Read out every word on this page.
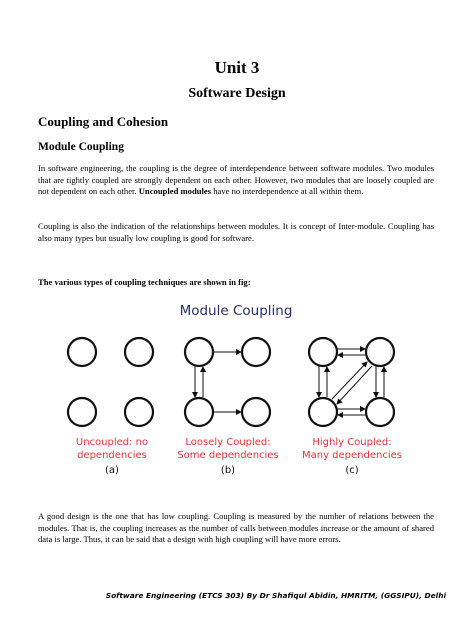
Unit 3
Software Design
Coupling and Cohesion
Module Coupling
In software engineering, the coupling is the degree of interdependence between software modules. Two modules that are tightly coupled are strongly dependent on each other. However, two modules that are loosely coupled are not dependent on each other. Uncoupled modules have no interdependence at all within them.
Coupling is also the indication of the relationships between modules. It is concept of Inter-module. Coupling has also many types but usually low coupling is good for software.
The various types of coupling techniques are shown in fig:
Module Coupling
Uncoupled: no
dependencies
(a)
Loosely Coupled:
Some dependencies
(b)
Highly Coupled:
Many dependencies
(c)
A good design is the one that has low coupling. Coupling is measured by the number of relations between the modules. That is, the coupling increases as the number of calls between modules increase or the amount of shared data is large. Thus, it can be said that a design with high coupling will have more errors.
Software Engineering (ETCS 303) By Dr Shafiqul Abidin, HMRITM, (GGSIPU), Delhi
